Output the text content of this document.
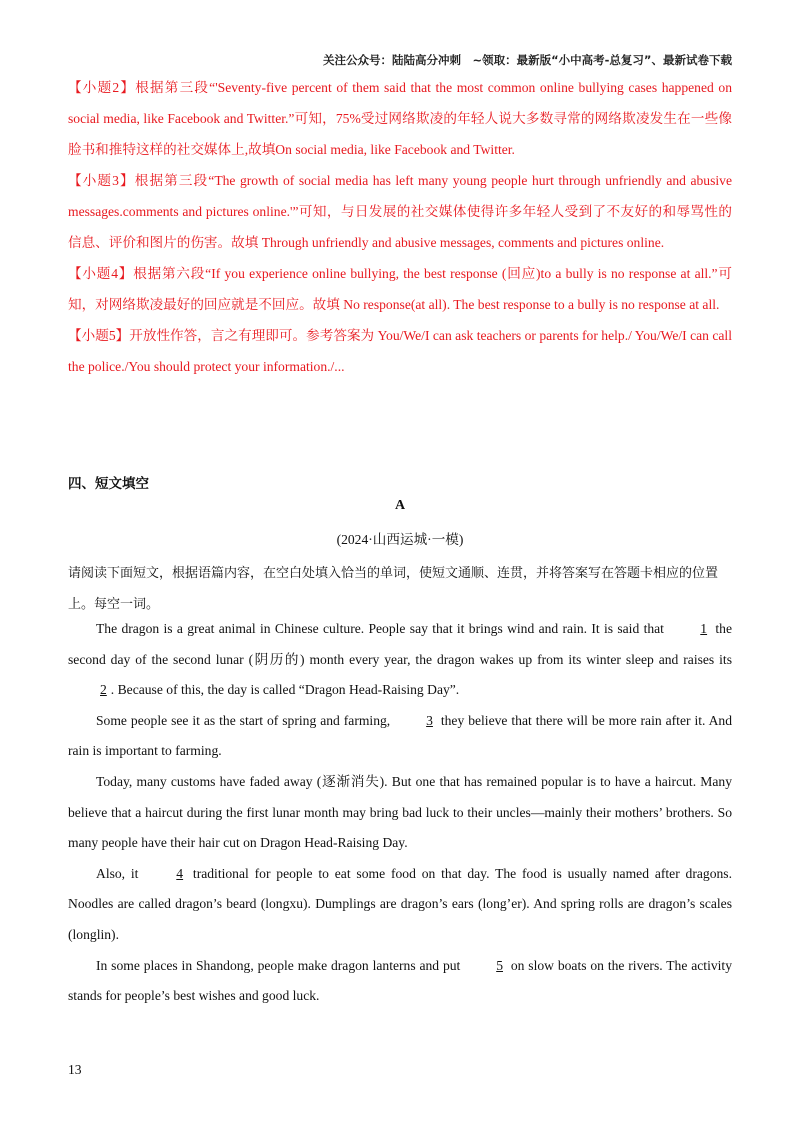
关注公众号：陆陆高分冲刺　~领取：最新版“小中高考-总复习”、最新试卷下载

【小题2】根据第三段“'Seventy-five percent of them said that the most common online bullying cases happened on social media, like Facebook and Twitter.”可知，75%受过网络欺凌的年轻人说大多数寻常的网络欺凌发生在一些像脸书和推特这样的社交媒体上,故填On social media, like Facebook and Twitter.

【小题3】根据第三段“The growth of social media has left many young people hurt through unfriendly and abusive messages.comments and pictures online.'”可知，与日发展的社交媒体使得许多年轻人受到了不友好的和辱骂性的信息、评价和图片的伤害。故填 Through unfriendly and abusive messages, comments and pictures online.

【小题4】根据第六段“If you experience online bullying, the best response (回应)to a bully is no response at all.”可知，对网络欺凌最好的回应就是不回应。故填 No response(at all). The best response to a bully is no response at all.

【小题5】开放性作答，言之有理即可。参考答案为 You/We/I can ask teachers or parents for help./ You/We/I can call the police./You should protect your information./...

四、短文填空
A
(2024·山西运城·一模)
请阅读下面短文，根据语篇内容，在空白处填入恰当的单词，使短文通顺、连贯，并将答案写在答题卡相应的位置上。每空一词。

The dragon is a great animal in Chinese culture. People say that it brings wind and rain. It is said that 1 the second day of the second lunar (阴历的) month every year, the dragon wakes up from its winter sleep and raises its 2 . Because of this, the day is called “Dragon Head-Raising Day”.

Some people see it as the start of spring and farming, 3 they believe that there will be more rain after it. And rain is important to farming.

Today, many customs have faded away (逐渐消失). But one that has remained popular is to have a haircut. Many believe that a haircut during the first lunar month may bring bad luck to their uncles—mainly their mothers’ brothers. So many people have their hair cut on Dragon Head-Raising Day.

Also, it 4 traditional for people to eat some food on that day. The food is usually named after dragons. Noodles are called dragon’s beard (longxu). Dumplings are dragon’s ears (long’er). And spring rolls are dragon’s scales (longlin).

In some places in Shandong, people make dragon lanterns and put 5 on slow boats on the rivers. The activity stands for people’s best wishes and good luck.

13
